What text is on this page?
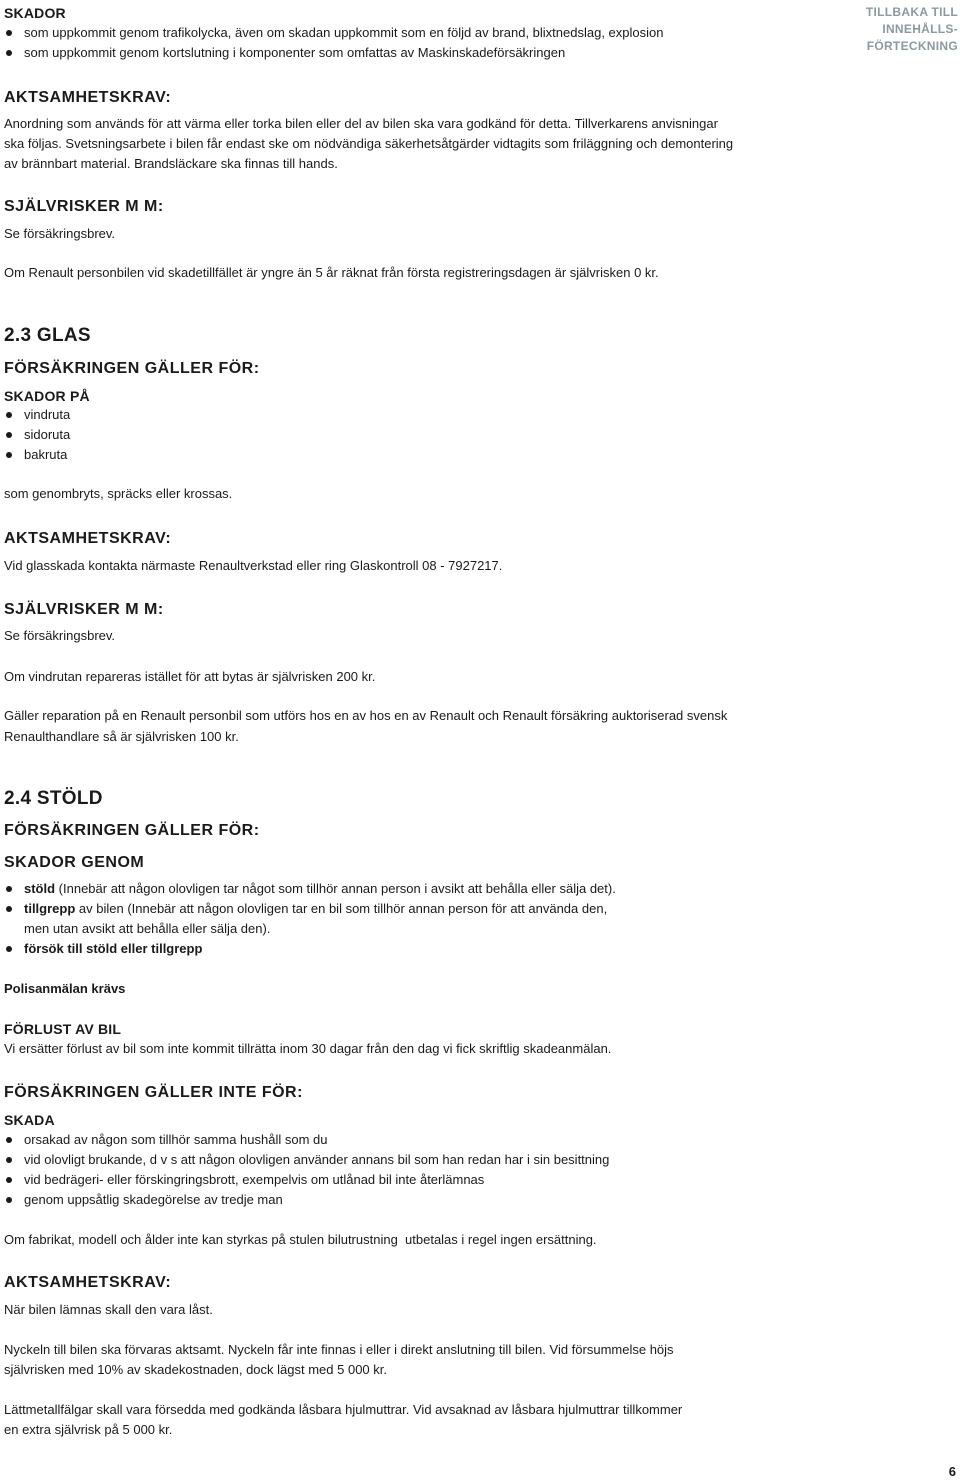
TILLBAKA TILL
INNEHÅLLS-
FÖRTECKNING
SKADOR
som uppkommit genom trafikolycka, även om skadan uppkommit som en följd av brand, blixtnedslag, explosion
som uppkommit genom kortslutning i komponenter som omfattas av Maskinskadeförsäkringen
AKTSAMHETSKRAV:

Anordning som används för att värma eller torka bilen eller del av bilen ska vara godkänd för detta. Tillverkarens anvisningar

ska följas. Svetsningsarbete i bilen får endast ske om nödvändiga säkerhetsåtgärder vidtagits som friläggning och demontering

av brännbart material. Brandsläckare ska finnas till hands.

SJÄLVRISKER M M:

Se försäkringsbrev.

Om Renault personbilen vid skadetillfället är yngre än 5 år räknat från första registreringsdagen är självrisken 0 kr.

2.3 GLAS
FÖRSÄKRINGEN GÄLLER FÖR:
SKADOR PÅ
vindruta
sidoruta
bakruta

som genombryts, spräcks eller krossas.

AKTSAMHETSKRAV:

Vid glasskada kontakta närmaste Renaultverkstad eller ring Glaskontroll 08 - 7927217.

SJÄLVRISKER M M:

Se försäkringsbrev.

Om vindrutan repareras istället för att bytas är självrisken 200 kr.

Gäller reparation på en Renault personbil som utförs hos en av hos en av Renault och Renault försäkring auktoriserad svensk

Renaulthandlare så är självrisken 100 kr.

2.4 STÖLD
FÖRSÄKRINGEN GÄLLER FÖR:
SKADOR GENOM
stöld (Innebär att någon olovligen tar något som tillhör annan person i avsikt att behålla eller sälja det).
tillgrepp av bilen (Innebär att någon olovligen tar en bil som tillhör annan person för att använda den,
men utan avsikt att behålla eller sälja den).
försök till stöld eller tillgrepp

Polisanmälan krävs

FÖRLUST AV BIL

Vi ersätter förlust av bil som inte kommit tillrätta inom 30 dagar från den dag vi fick skriftlig skadeanmälan.

FÖRSÄKRINGEN GÄLLER INTE FÖR:
SKADA
orsakad av någon som tillhör samma hushåll som du
vid olovligt brukande, d v s att någon olovligen använder annans bil som han redan har i sin besittning
vid bedrägeri- eller förskingringsbrott, exempelvis om utlånad bil inte återlämnas
genom uppsåtlig skadegörelse av tredje man

Om fabrikat, modell och ålder inte kan styrkas på stulen bilutrustning  utbetalas i regel ingen ersättning.

AKTSAMHETSKRAV:

När bilen lämnas skall den vara låst.

Nyckeln till bilen ska förvaras aktsamt. Nyckeln får inte finnas i eller i direkt anslutning till bilen. Vid försummelse höjs

självrisken med 10% av skadekostnaden, dock lägst med 5 000 kr.

Lättmetallfälgar skall vara försedda med godkända låsbara hjulmuttrar. Vid avsaknad av låsbara hjulmuttrar tillkommer

en extra självrisk på 5 000 kr.

6
